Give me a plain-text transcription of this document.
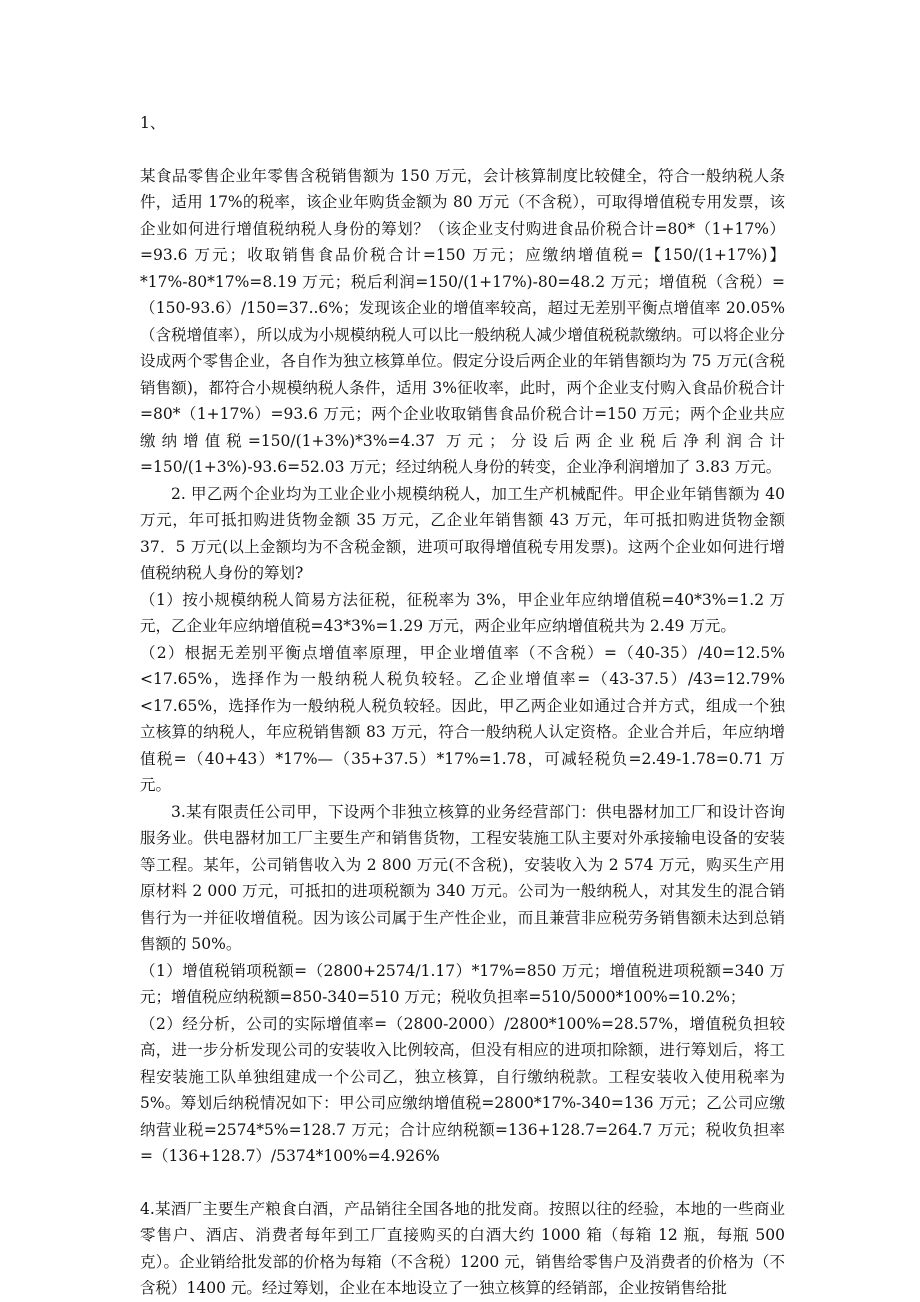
1、

某食品零售企业年零售含税销售额为 150 万元，会计核算制度比较健全，符合一般纳税人条件，适用 17%的税率，该企业年购货金额为 80 万元（不含税），可取得增值税专用发票，该企业如何进行增值税纳税人身份的筹划？（该企业支付购进食品价税合计=80*（1+17%）=93.6 万元；收取销售食品价税合计=150 万元；应缴纳增值税=【150/(1+17%)】*17%-80*17%=8.19 万元；税后利润=150/(1+17%)-80=48.2 万元；增值税（含税）=（150-93.6）/150=37..6%；发现该企业的增值率较高，超过无差别平衡点增值率 20.05%（含税增值率），所以成为小规模纳税人可以比一般纳税人减少增值税税款缴纳。可以将企业分设成两个零售企业，各自作为独立核算单位。假定分设后两企业的年销售额均为 75 万元(含税销售额)，都符合小规模纳税人条件，适用 3%征收率，此时，两个企业支付购入食品价税合计=80*（1+17%）=93.6 万元；两个企业收取销售食品价税合计=150 万元；两个企业共应缴纳增值税=150/(1+3%)*3%=4.37 万元；分设后两企业税后净利润合计=150/(1+3%)-93.6=52.03 万元；经过纳税人身份的转变，企业净利润增加了 3.83 万元。

2. 甲乙两个企业均为工业企业小规模纳税人，加工生产机械配件。甲企业年销售额为 40 万元，年可抵扣购进货物金额 35 万元，乙企业年销售额 43 万元，年可抵扣购进货物金额 37．5 万元(以上金额均为不含税金额，进项可取得增值税专用发票)。这两个企业如何进行增值税纳税人身份的筹划?

（1）按小规模纳税人简易方法征税，征税率为 3%，甲企业年应纳增值税=40*3%=1.2 万元，乙企业年应纳增值税=43*3%=1.29 万元，两企业年应纳增值税共为 2.49 万元。

（2）根据无差别平衡点增值率原理，甲企业增值率（不含税）=（40-35）/40=12.5%<17.65%，选择作为一般纳税人税负较轻。乙企业增值率=（43-37.5）/43=12.79%<17.65%，选择作为一般纳税人税负较轻。因此，甲乙两企业如通过合并方式，组成一个独立核算的纳税人，年应税销售额 83 万元，符合一般纳税人认定资格。企业合并后，年应纳增值税=（40+43）*17%—（35+37.5）*17%=1.78，可减轻税负=2.49-1.78=0.71 万元。

3.某有限责任公司甲，下设两个非独立核算的业务经营部门：供电器材加工厂和设计咨询服务业。供电器材加工厂主要生产和销售货物，工程安装施工队主要对外承接输电设备的安装等工程。某年，公司销售收入为 2 800 万元(不含税)，安装收入为 2 574 万元，购买生产用原材料 2 000 万元，可抵扣的进项税额为 340 万元。公司为一般纳税人，对其发生的混合销售行为一并征收增值税。因为该公司属于生产性企业，而且兼营非应税劳务销售额未达到总销售额的 50%。

（1）增值税销项税额=（2800+2574/1.17）*17%=850 万元；增值税进项税额=340 万元；增值税应纳税额=850-340=510 万元；税收负担率=510/5000*100%=10.2%；

（2）经分析，公司的实际增值率=（2800-2000）/2800*100%=28.57%，增值税负担较高，进一步分析发现公司的安装收入比例较高，但没有相应的进项扣除额，进行筹划后，将工程安装施工队单独组建成一个公司乙，独立核算，自行缴纳税款。工程安装收入使用税率为 5%。筹划后纳税情况如下：甲公司应缴纳增值税=2800*17%-340=136 万元；乙公司应缴纳营业税=2574*5%=128.7 万元；合计应纳税额=136+128.7=264.7 万元；税收负担率=（136+128.7）/5374*100%=4.926%

4.某酒厂主要生产粮食白酒，产品销往全国各地的批发商。按照以往的经验，本地的一些商业零售户、酒店、消费者每年到工厂直接购买的白酒大约 1000 箱（每箱 12 瓶，每瓶 500 克）。企业销给批发部的价格为每箱（不含税）1200 元，销售给零售户及消费者的价格为（不含税）1400 元。经过筹划，企业在本地设立了一独立核算的经销部，企业按销售给批
